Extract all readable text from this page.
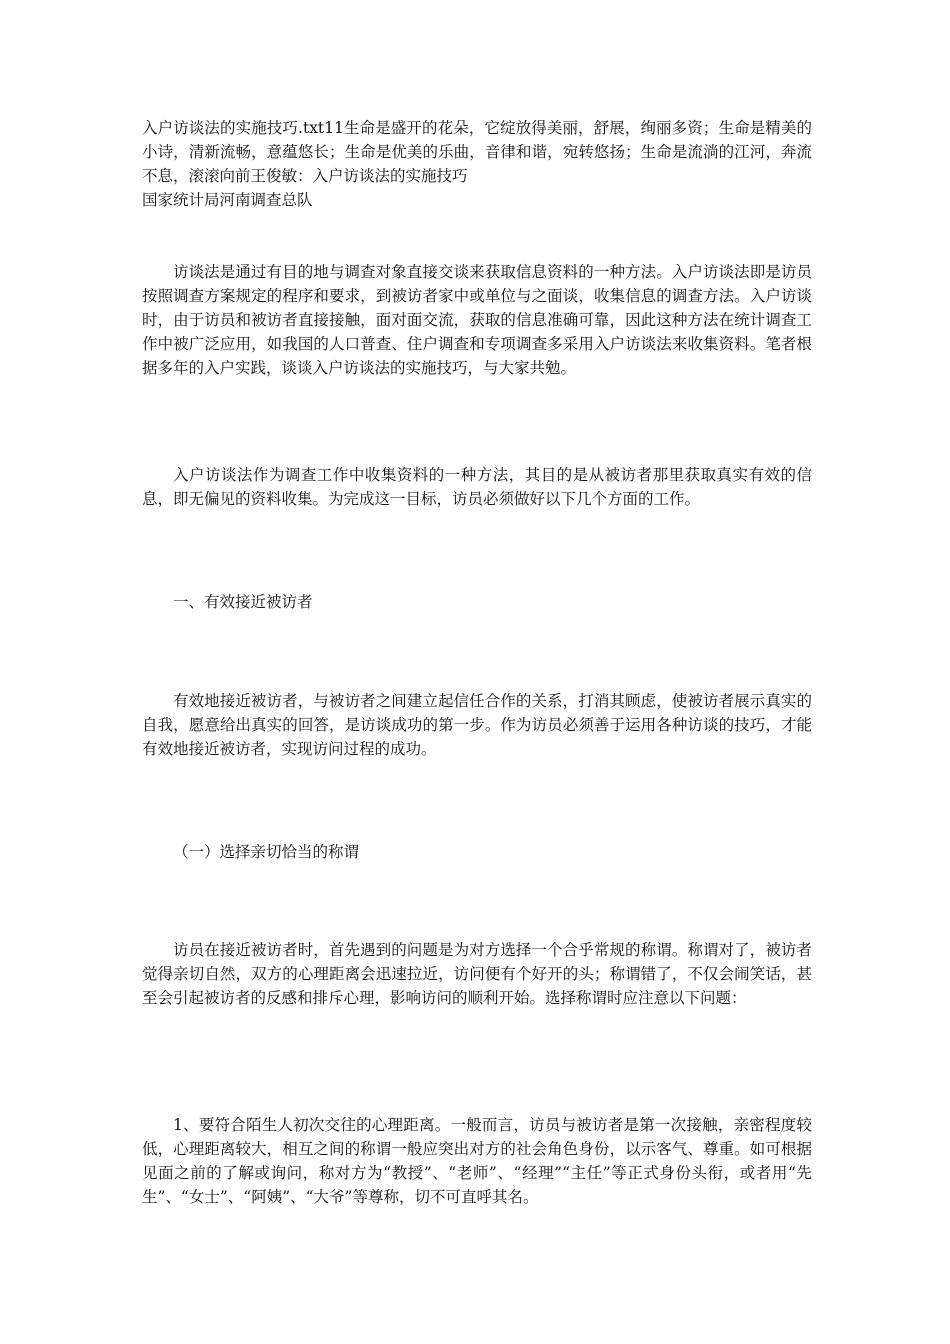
入户访谈法的实施技巧.txt11生命是盛开的花朵，它绽放得美丽，舒展，绚丽多资；生命是精美的小诗，清新流畅，意蕴悠长；生命是优美的乐曲，音律和谐，宛转悠扬；生命是流淌的江河，奔流不息，滚滚向前王俊敏：入户访谈法的实施技巧

国家统计局河南调查总队

访谈法是通过有目的地与调查对象直接交谈来获取信息资料的一种方法。入户访谈法即是访员按照调查方案规定的程序和要求，到被访者家中或单位与之面谈，收集信息的调查方法。入户访谈时，由于访员和被访者直接接触，面对面交流，获取的信息准确可靠，因此这种方法在统计调查工作中被广泛应用，如我国的人口普查、住户调查和专项调查多采用入户访谈法来收集资料。笔者根据多年的入户实践，谈谈入户访谈法的实施技巧，与大家共勉。

入户访谈法作为调查工作中收集资料的一种方法，其目的是从被访者那里获取真实有效的信息，即无偏见的资料收集。为完成这一目标，访员必须做好以下几个方面的工作。

一、有效接近被访者

有效地接近被访者，与被访者之间建立起信任合作的关系，打消其顾虑，使被访者展示真实的自我，愿意给出真实的回答，是访谈成功的第一步。作为访员必须善于运用各种访谈的技巧，才能有效地接近被访者，实现访问过程的成功。

（一）选择亲切恰当的称谓

访员在接近被访者时，首先遇到的问题是为对方选择一个合乎常规的称谓。称谓对了，被访者觉得亲切自然，双方的心理距离会迅速拉近，访问便有个好开的头；称谓错了，不仅会闹笑话，甚至会引起被访者的反感和排斥心理，影响访问的顺利开始。选择称谓时应注意以下问题：

1、要符合陌生人初次交往的心理距离。一般而言，访员与被访者是第一次接触，亲密程度较低，心理距离较大，相互之间的称谓一般应突出对方的社会角色身份，以示客气、尊重。如可根据见面之前的了解或询问，称对方为“教授”、“老师”、“经理”“主任”等正式身份头衔，或者用“先生”、“女士”、“阿姨”、“大爷”等尊称，切不可直呼其名。
